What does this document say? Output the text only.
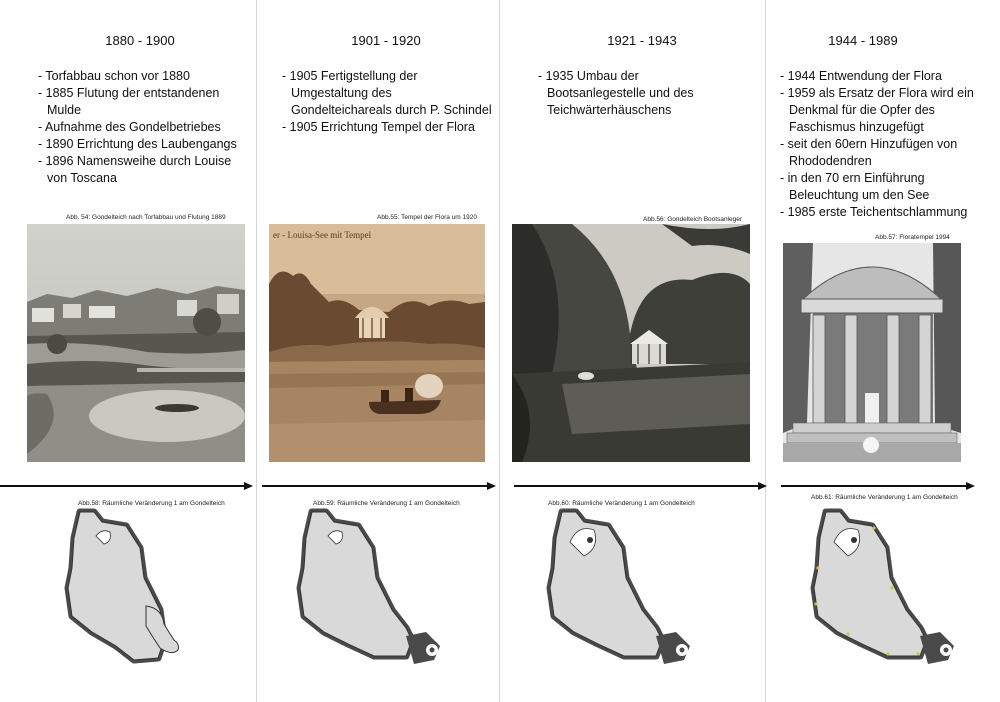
1880 - 1900
- Torfabbau schon vor 1880
- 1885 Flutung der entstandenen Mulde
- Aufnahme des Gondelbetriebes
- 1890 Errichtung des Laubengangs
- 1896 Namensweihe durch Louise von Toscana
Abb. 54: Gondelteich nach Torfabbau und Flutung 1889
Abb.58: Räumliche Veränderung 1 am Gondelteich
1901 - 1920
- 1905 Fertigstellung der Umgestaltung des Gondelteichareals durch P. Schindel
- 1905 Errichtung Tempel der Flora
Abb.55: Tempel der Flora um 1920
er - Louisa-See mit Tempel
Abb.59: Räumliche Veränderung 1 am Gondelteich
1921 - 1943
- 1935 Umbau der Bootsanlegestelle und des Teichwärterhäuschens
Abb.56: Gondelteich Bootsanleger
Abb.60: Räumliche Veränderung 1 am Gondelteich
1944 - 1989
- 1944 Entwendung der Flora
- 1959 als Ersatz der Flora wird ein Denkmal für die Opfer des Faschismus hinzugefügt
- seit den 60ern Hinzufügen von Rhododendren
- in den 70 ern Einführung Beleuchtung um den See
- 1985 erste Teichentschlammung
Abb.57: Floratempel 1994
Abb.61: Räumliche Veränderung 1 am Gondelteich
